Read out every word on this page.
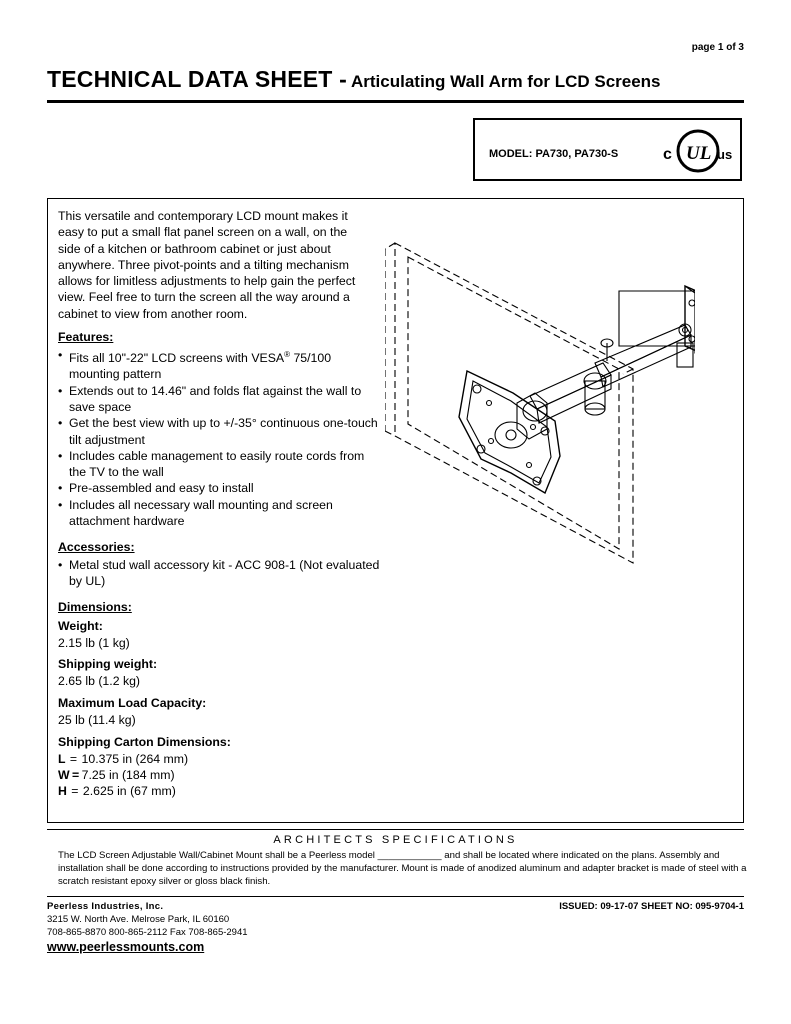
page 1 of 3
TECHNICAL DATA SHEET - Articulating Wall Arm for LCD Screens
MODEL: PA730, PA730-S	c UL us
This versatile and contemporary LCD mount makes it easy to put a small flat panel screen on a wall, on the side of a kitchen or bathroom cabinet or just about anywhere. Three pivot-points and a tilting mechanism allows for limitless adjustments to help gain the perfect view. Feel free to turn the screen all the way around a cabinet to view from another room.
Features:
• Fits all 10"-22" LCD screens with VESA® 75/100 mounting pattern
• Extends out to 14.46" and folds flat against the wall to save space
• Get the best view with up to +/-35° continuous one-touch tilt adjustment
• Includes cable management to easily route cords from the TV to the wall
• Pre-assembled and easy to install
• Includes all necessary wall mounting and screen attachment hardware
Accessories:
• Metal stud wall accessory kit - ACC 908-1 (Not evaluated by UL)
Dimensions:
Weight:
2.15 lb (1 kg)
Shipping weight:
2.65 lb (1.2 kg)
Maximum Load Capacity:
25 lb (11.4 kg)
Shipping Carton Dimensions:
L = 10.375 in (264 mm)
W = 7.25 in (184 mm)
H = 2.625 in (67 mm)
ARCHITECTS SPECIFICATIONS
The LCD Screen Adjustable Wall/Cabinet Mount shall be a Peerless model ____________ and shall be located where indicated on the plans. Assembly and installation shall be done according to instructions provided by the manufacturer. Mount is made of anodized aluminum and adapter bracket is made of steel with a scratch resistant epoxy silver or gloss black finish.
Peerless Industries, Inc.
3215 W. North Ave. Melrose Park, IL 60160
708-865-8870 800-865-2112 Fax 708-865-2941
www.peerlessmounts.com
ISSUED: 09-17-07 SHEET NO: 095-9704-1
